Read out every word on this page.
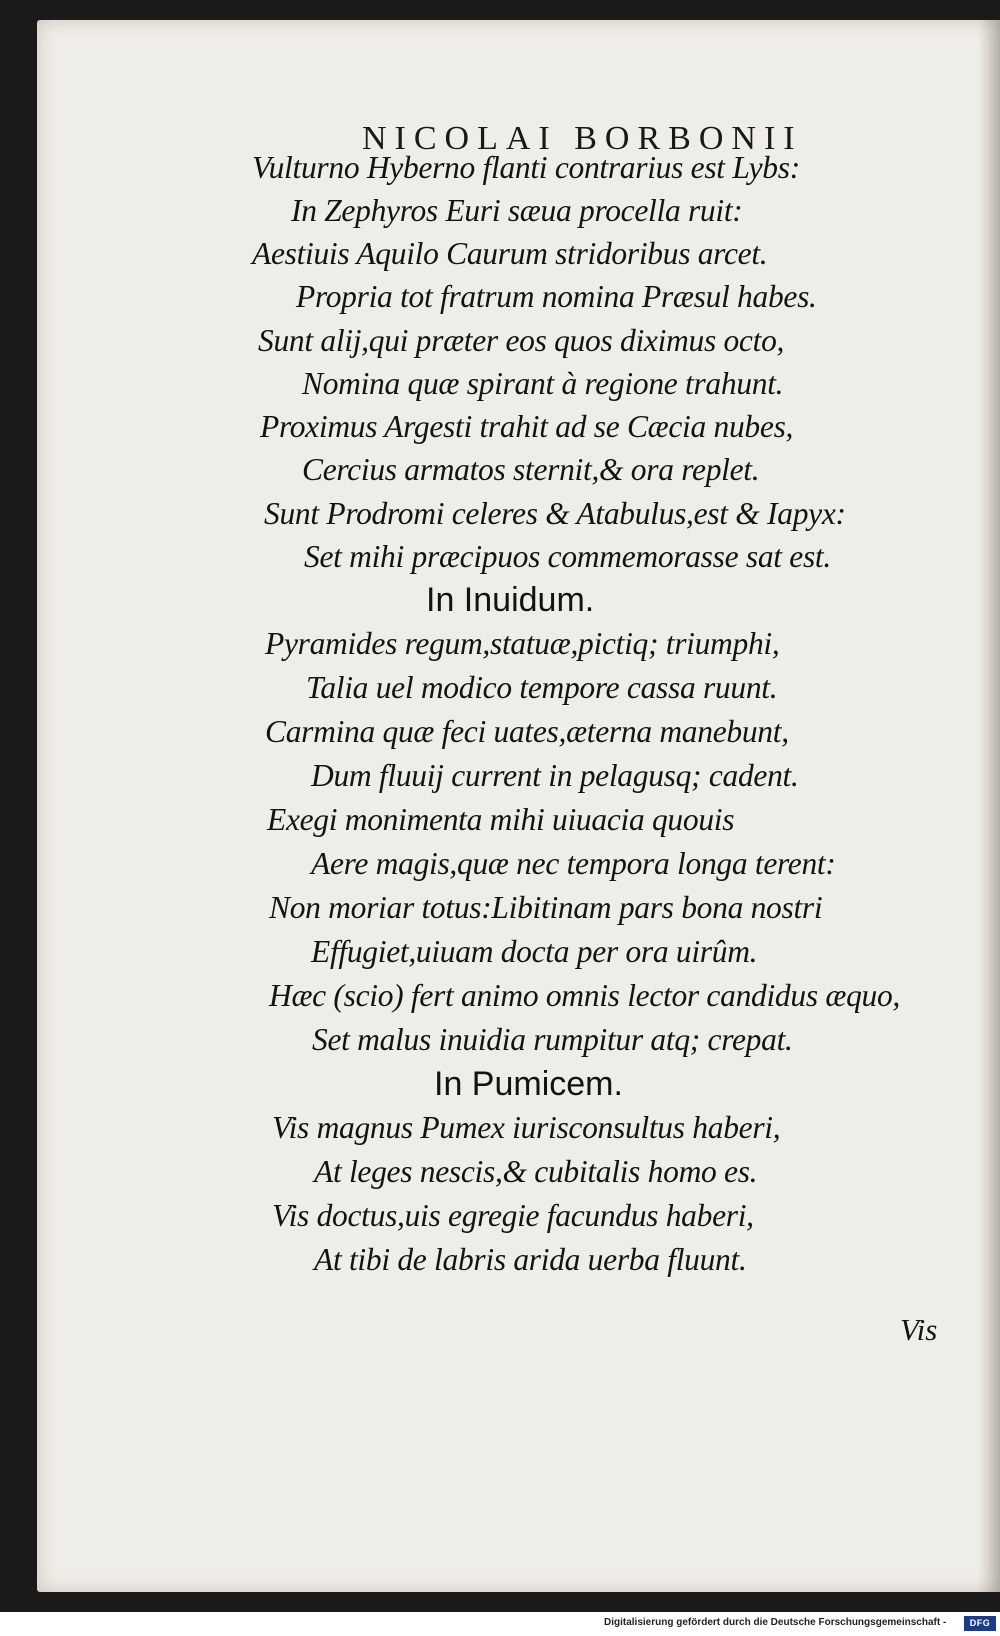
NICOLAI BORBONII
Vulturno Hyberno flanti contrarius est Lybs:
In Zephyros Euri sæua procella ruit:
Aestiuis Aquilo Caurum stridoribus arcet.
Propria tot fratrum nomina Præsul habes.
Sunt alij,qui præter eos quos diximus octo,
Nomina quæ spirant à regione trahunt.
Proximus Argesti trahit ad se Cæcia nubes,
Cercius armatos sternit,& ora replet.
Sunt Prodromi celeres & Atabulus,est & Iapyx:
Set mihi præcipuos commemorasse sat est.
In Inuidum.
Pyramides regum,statuæ,pictiq; triumphi,
Talia uel modico tempore cassa ruunt.
Carmina quæ feci uates,æterna manebunt,
Dum fluuij current in pelagusq; cadent.
Exegi monimenta mihi uiuacia quouis
Aere magis,quæ nec tempora longa terent:
Non moriar totus:Libitinam pars bona nostri
Effugiet,uiuam docta per ora uirûm.
Hæc (scio) fert animo omnis lector candidus æquo,
Set malus inuidia rumpitur atq; crepat.
In Pumicem.
Vis magnus Pumex iurisconsultus haberi,
At leges nescis,& cubitalis homo es.
Vis doctus,uis egregie facundus haberi,
At tibi de labris arida uerba fluunt.
Vis
Digitalisierung gefördert durch die Deutsche Forschungsgemeinschaft -	DFG
